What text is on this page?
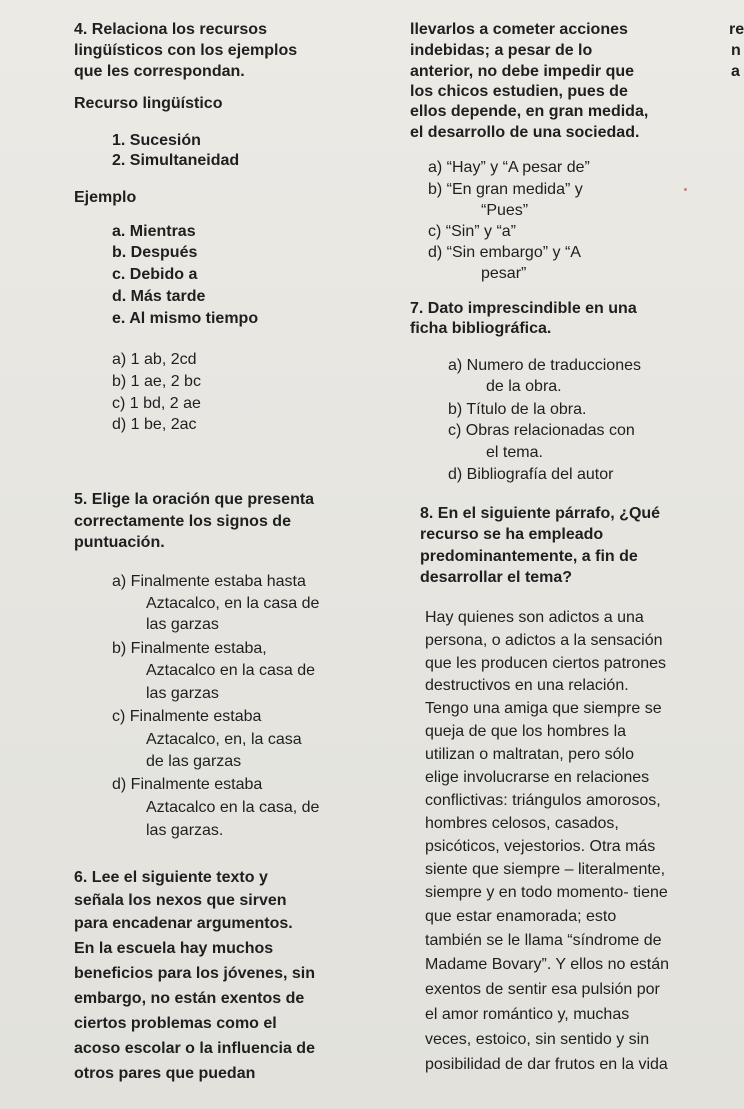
4. Relaciona los recursos
lingüísticos con los ejemplos
que les correspondan.
Recurso lingüístico
1. Sucesión
2. Simultaneidad
Ejemplo
a. Mientras
b. Después
c. Debido a
d. Más tarde
e. Al mismo tiempo
a) 1 ab, 2cd
b) 1 ae, 2 bc
c) 1 bd, 2 ae
d) 1 be, 2ac
5. Elige la oración que presenta
correctamente los signos de
puntuación.
a) Finalmente estaba hasta
Aztacalco, en la casa de
las garzas
b) Finalmente estaba,
Aztacalco en la casa de
las garzas
c) Finalmente estaba
Aztacalco, en, la casa
de las garzas
d) Finalmente estaba
Aztacalco en la casa, de
las garzas.
6. Lee el siguiente texto y
señala los nexos que sirven
para encadenar argumentos.
En la escuela hay muchos
beneficios para los jóvenes, sin
embargo, no están exentos de
ciertos problemas como el
acoso escolar o la influencia de
otros pares que puedan
llevarlos a cometer acciones
indebidas; a pesar de lo
anterior, no debe impedir que
los chicos estudien, pues de
ellos depende, en gran medida,
el desarrollo de una sociedad.
a) “Hay” y “A pesar de”
b) “En gran medida” y
“Pues”
c) “Sin” y “a”
d) “Sin embargo” y “A
pesar”
7. Dato imprescindible en una
ficha bibliográfica.
a) Numero de traducciones
de la obra.
b) Título de la obra.
c) Obras relacionadas con
el tema.
d) Bibliografía del autor
8. En el siguiente párrafo, ¿Qué
recurso se ha empleado
predominantemente, a fin de
desarrollar el tema?
Hay quienes son adictos a una
persona, o adictos a la sensación
que les producen ciertos patrones
destructivos en una relación.
Tengo una amiga que siempre se
queja de que los hombres la
utilizan o maltratan, pero sólo
elige involucrarse en relaciones
conflictivas: triángulos amorosos,
hombres celosos, casados,
psicóticos, vejestorios. Otra más
siente que siempre – literalmente,
siempre y en todo momento- tiene
que estar enamorada; esto
también se le llama “síndrome de
Madame Bovary”. Y ellos no están
exentos de sentir esa pulsión por
el amor romántico y, muchas
veces, estoico, sin sentido y sin
posibilidad de dar frutos en la vida
re
n
a
